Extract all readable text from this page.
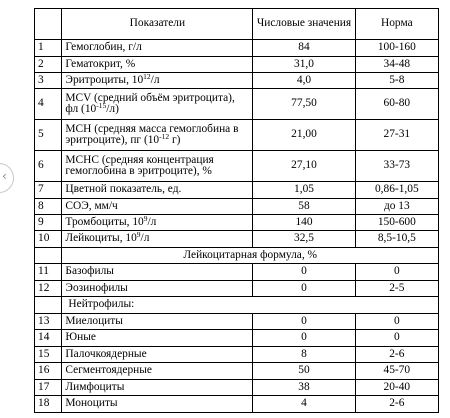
‹
	Показатели	Числовые значения	Норма
1	Гемоглобин, г/л	84	100-160
2	Гематокрит, %	31,0	34-48
3	Эритроциты, $10^{12}/л$	4,0	5-8
4	MCV (средний объём эритроцита), фл $(10^{-15}/л)$	77,50	60-80
5	MCH (средняя масса гемоглобина в эритроците), пг ($10^{-12}$ г)	21,00	27-31
6	MCHC (средняя концентрация гемоглобина в эритроците), %	27,10	33-73
7	Цветной показатель, ед.	1,05	0,86-1,05
8	СОЭ, мм/ч	58	до 13
9	Тромбоциты, $10^9/л$	140	150-600
10	Лейкоциты, $10^9/л$	32,5	8,5-10,5
	Лейкоцитарная формула, %		
11	Базофилы	0	0
12	Эозинофилы	0	2-5
	Нейтрофилы:		
13	Миелоциты	0	0
14	Юные	0	0
15	Палочкоядерные	8	2-6
16	Сегментоядерные	50	45-70
17	Лимфоциты	38	20-40
18	Моноциты	4	2-6
